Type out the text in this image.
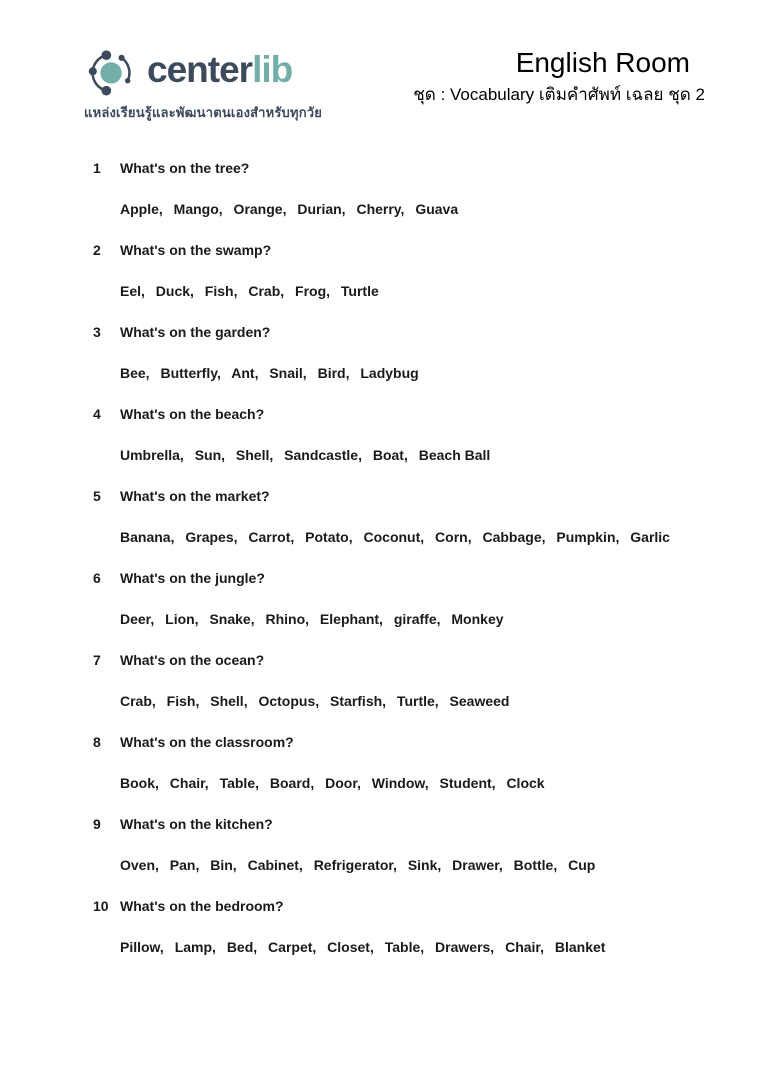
centerlib
แหล่งเรียนรู้และพัฒนาตนเองสำหรับทุกวัย
English Room
ชุด : Vocabulary เติมคำศัพท์ เฉลย ชุด 2
1	What's on the tree?
Apple,  Mango,  Orange,  Durian,  Cherry,  Guava
2	What's on the swamp?
Eel,  Duck,  Fish,  Crab,  Frog,  Turtle
3	What's on the garden?
Bee,  Butterfly,  Ant,  Snail,  Bird,  Ladybug
4	What's on the beach?
Umbrella,  Sun,  Shell,  Sandcastle,  Boat,  Beach Ball
5	What's on the market?
Banana,  Grapes,  Carrot,  Potato,  Coconut,  Corn,  Cabbage,  Pumpkin,  Garlic
6	What's on the jungle?
Deer,  Lion,  Snake,  Rhino,  Elephant,  giraffe,  Monkey
7	What's on the ocean?
Crab,  Fish,  Shell,  Octopus,  Starfish,  Turtle,  Seaweed
8	What's on the classroom?
Book,  Chair,  Table,  Board,  Door,  Window,  Student,  Clock
9	What's on the kitchen?
Oven,  Pan,  Bin,  Cabinet,  Refrigerator,  Sink,  Drawer,  Bottle,  Cup
10 What's on the bedroom?
Pillow,  Lamp,  Bed,  Carpet,  Closet,  Table,  Drawers,  Chair,  Blanket
